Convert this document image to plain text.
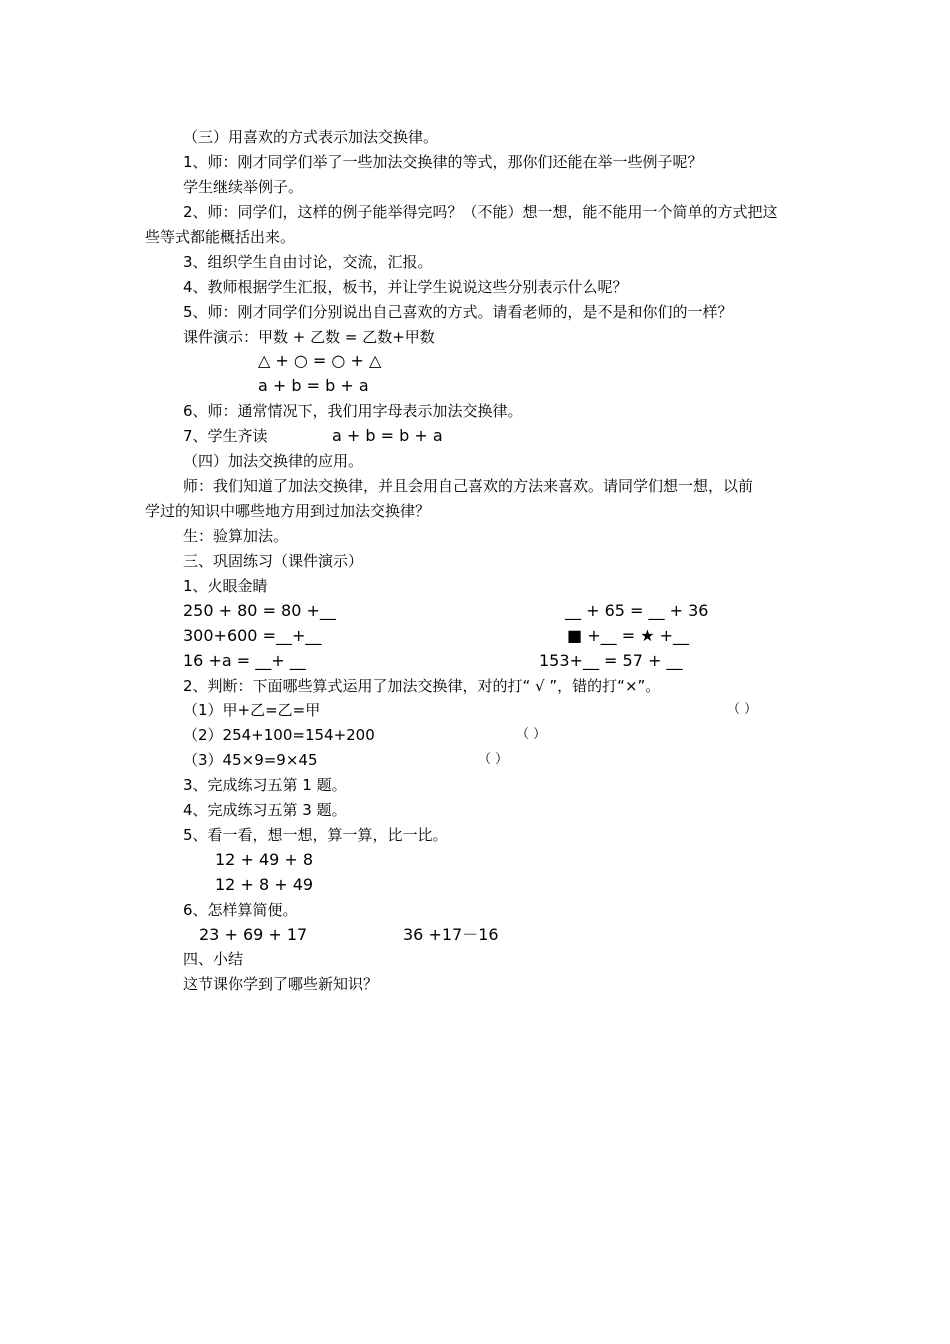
（三）用喜欢的方式表示加法交换律。
1、师：刚才同学们举了一些加法交换律的等式，那你们还能在举一些例子呢？
学生继续举例子。
2、师：同学们，这样的例子能举得完吗？（不能）想一想，能不能用一个简单的方式把这
些等式都能概括出来。
3、组织学生自由讨论，交流，汇报。
4、教师根据学生汇报，板书，并让学生说说这些分别表示什么呢？
5、师：刚才同学们分别说出自己喜欢的方式。请看老师的，是不是和你们的一样？
课件演示：甲数 + 乙数 = 乙数+甲数
△ + ○ = ○ + △
a + b = b + a
6、师：通常情况下，我们用字母表示加法交换律。
7、学生齐读	a + b = b + a
（四）加法交换律的应用。
师：我们知道了加法交换律，并且会用自己喜欢的方法来喜欢。请同学们想一想，以前
学过的知识中哪些地方用到过加法交换律？
生：验算加法。
三、巩固练习（课件演示）
1、火眼金睛
250 + 80 = 80 +__	__ + 65 = __ + 36
300+600 =__+__	■ +__ = ★ +__
16 +a = __+ __	153+__ = 57 + __
2、判断：下面哪些算式运用了加法交换律，对的打“ √ ”，错的打“×”。
（1）甲+乙=乙=甲	（ ）
（2）254+100=154+200	（ ）
（3）45×9=9×45	（ ）
3、完成练习五第 1 题。
4、完成练习五第 3 题。
5、看一看，想一想，算一算，比一比。
12 + 49 + 8
12 + 8 + 49
6、怎样算简便。
23 + 69 + 17	36 +17－16
四、小结
这节课你学到了哪些新知识？
